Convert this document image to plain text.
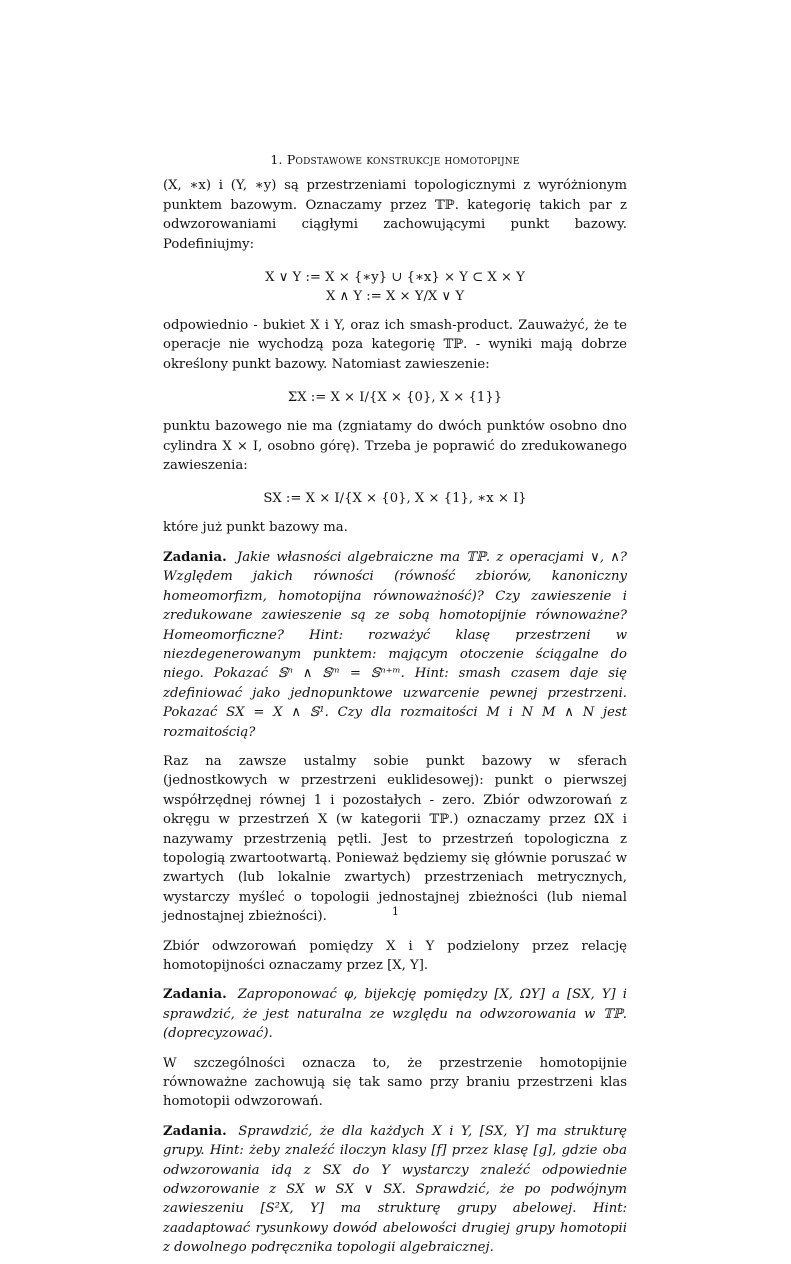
1. Podstawowe konstrukcje homotopijne

(X, ∗x) i (Y, ∗y) są przestrzeniami topologicznymi z wyróżnionym punktem bazowym. Oznaczamy przez 𝕋ℙ. kategorię takich par z odwzorowaniami ciągłymi zachowującymi punkt bazowy. Podefiniujmy:

X ∨ Y := X × {∗y} ∪ {∗x} × Y ⊂ X × Y
X ∧ Y := X × Y/X ∨ Y

odpowiednio - bukiet X i Y, oraz ich smash-product. Zauważyć, że te operacje nie wychodzą poza kategorię 𝕋ℙ. - wyniki mają dobrze określony punkt bazowy. Natomiast zawieszenie:

ΣX := X × I/{X × {0}, X × {1}}

punktu bazowego nie ma (zgniatamy do dwóch punktów osobno dno cylindra X × I, osobno górę). Trzeba je poprawić do zredukowanego zawieszenia:

SX := X × I/{X × {0}, X × {1}, ∗x × I}

które już punkt bazowy ma.

Zadania. Jakie własności algebraiczne ma 𝕋ℙ. z operacjami ∨, ∧? Względem jakich równości (równość zbiorów, kanoniczny homeomorfizm, homotopijna równoważność)? Czy zawieszenie i zredukowane zawieszenie są ze sobą homotopijnie równoważne? Homeomorficzne? Hint: rozważyć klasę przestrzeni w niezdegenerowanym punktem: mającym otoczenie ściągalne do niego. Pokazać 𝕊ⁿ ∧ 𝕊ᵐ = 𝕊ⁿ⁺ᵐ. Hint: smash czasem daje się zdefiniować jako jednopunktowe uzwarcenie pewnej przestrzeni. Pokazać SX = X ∧ 𝕊¹. Czy dla rozmaitości M i N M ∧ N jest rozmaitością?

Raz na zawsze ustalmy sobie punkt bazowy w sferach (jednostkowych w przestrzeni euklidesowej): punkt o pierwszej współrzędnej równej 1 i pozostałych - zero. Zbiór odwzorowań z okręgu w przestrzeń X (w kategorii 𝕋ℙ.) oznaczamy przez ΩX i nazywamy przestrzenią pętli. Jest to przestrzeń topologiczna z topologią zwartootwartą. Ponieważ będziemy się głównie poruszać w zwartych (lub lokalnie zwartych) przestrzeniach metrycznych, wystarczy myśleć o topologii jednostajnej zbieżności (lub niemal jednostajnej zbieżności).

Zbiór odwzorowań pomiędzy X i Y podzielony przez relację homotopijności oznaczamy przez [X, Y].

Zadania. Zaproponować φ, bijekcję pomiędzy [X, ΩY] a [SX, Y] i sprawdzić, że jest naturalna ze względu na odwzorowania w 𝕋ℙ. (doprecyzować).

W szczególności oznacza to, że przestrzenie homotopijnie równoważne zachowują się tak samo przy braniu przestrzeni klas homotopii odwzorowań.

Zadania. Sprawdzić, że dla każdych X i Y, [SX, Y] ma strukturę grupy. Hint: żeby znaleźć iloczyn klasy [f] przez klasę [g], gdzie oba odwzorowania idą z SX do Y wystarczy znaleźć odpowiednie odwzorowanie z SX w SX ∨ SX. Sprawdzić, że po podwójnym zawieszeniu [S²X, Y] ma strukturę grupy abelowej. Hint: zaadaptować rysunkowy dowód abelowości drugiej grupy homotopii z dowolnego podręcznika topologii algebraicznej.

1
